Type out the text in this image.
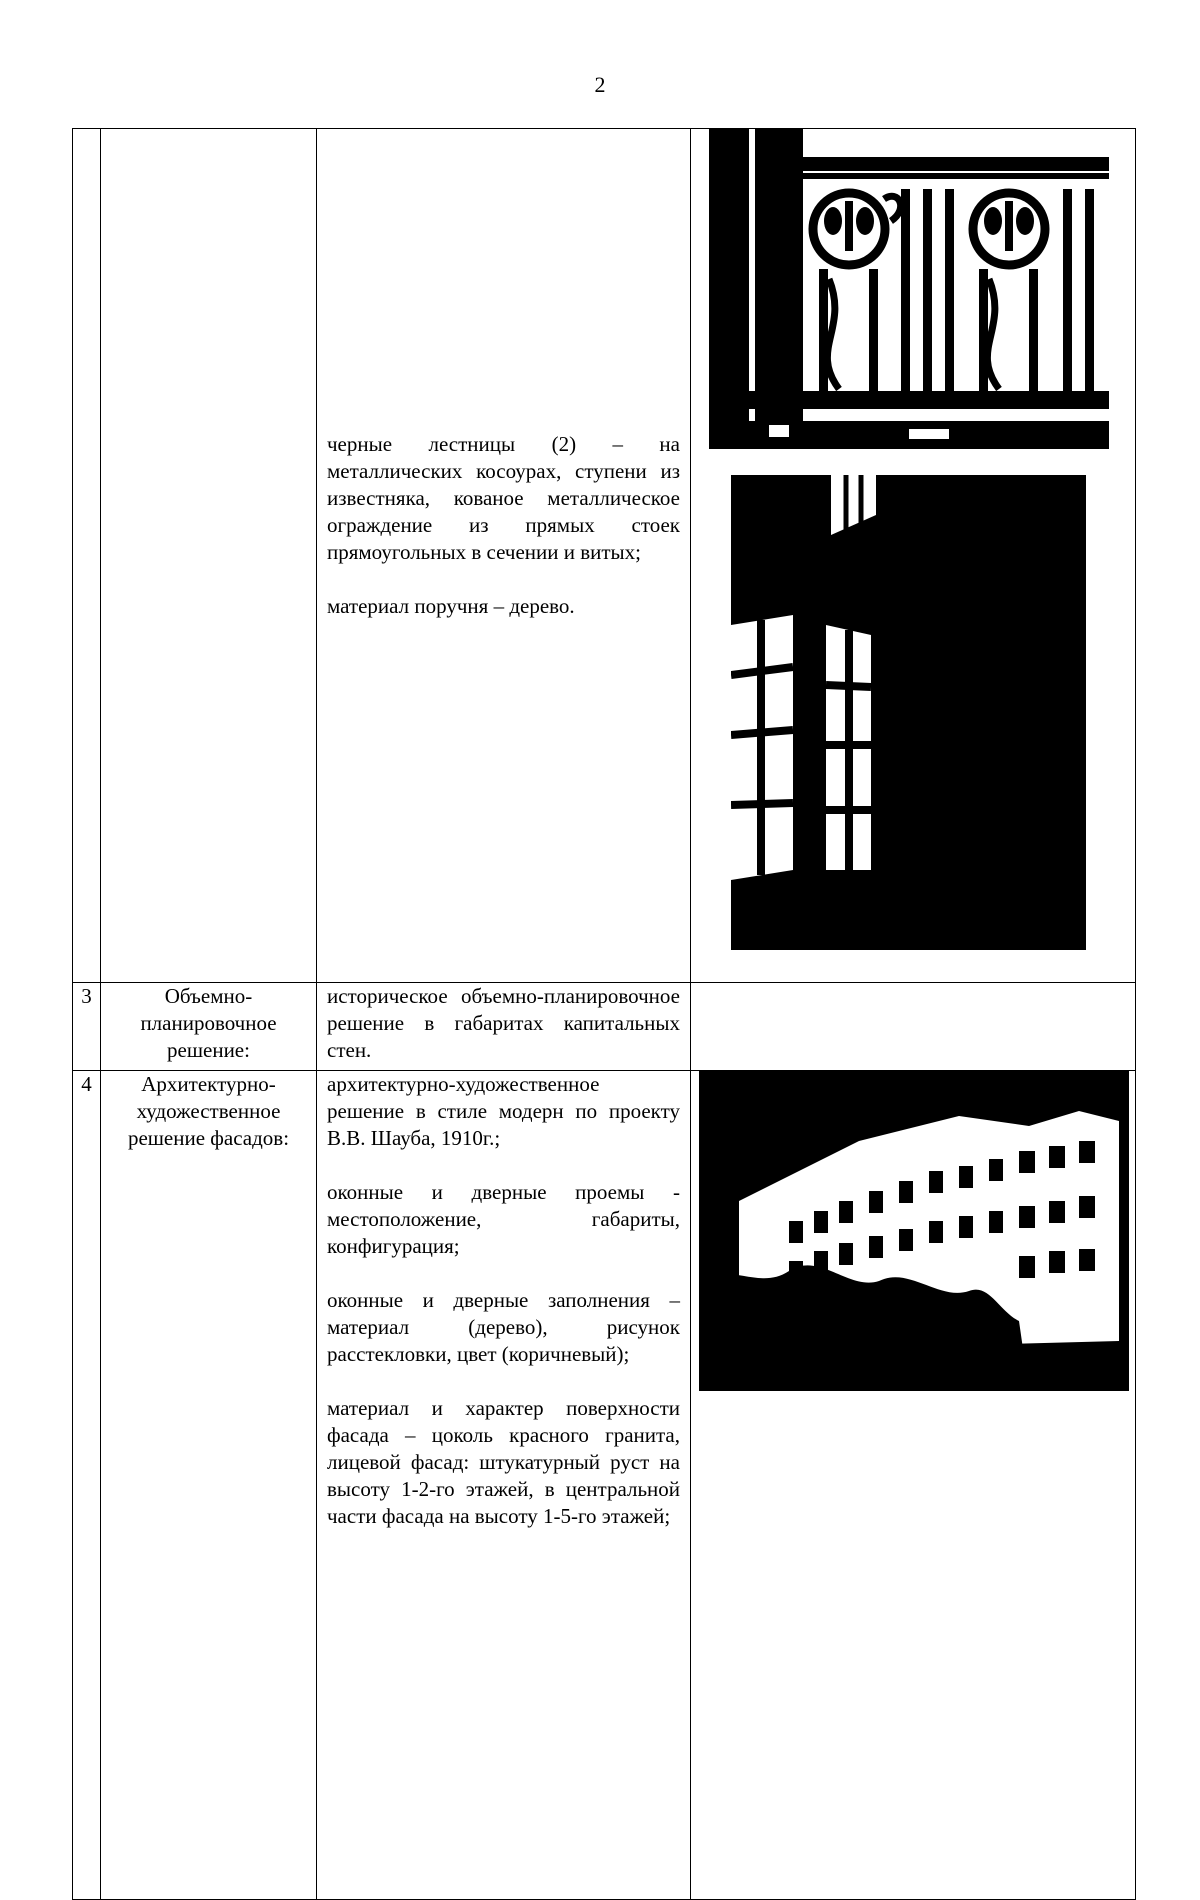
2

		черные лестницы (2) – на металлических косоурах, ступени из известняка, кованое металлическое ограждение из прямых стоек прямоугольных в сечении и витых;

материал поручня – дерево.

3	Объемно-планировочное решение:	историческое объемно-планировочное решение в габаритах капитальных стен.	

4	Архитектурно-художественное решение фасадов:	архитектурно-художественное решение в стиле модерн по проекту В.В. Шауба, 1910г.;

оконные и дверные проемы - местоположение, габариты, конфигурация;

оконные и дверные заполнения – материал (дерево), рисунок расстекловки, цвет (коричневый);

материал и характер поверхности фасада – цоколь красного гранита, лицевой фасад: штукатурный руст на высоту 1-2-го этажей, в центральной части фасада на высоту 1-5-го этажей;
